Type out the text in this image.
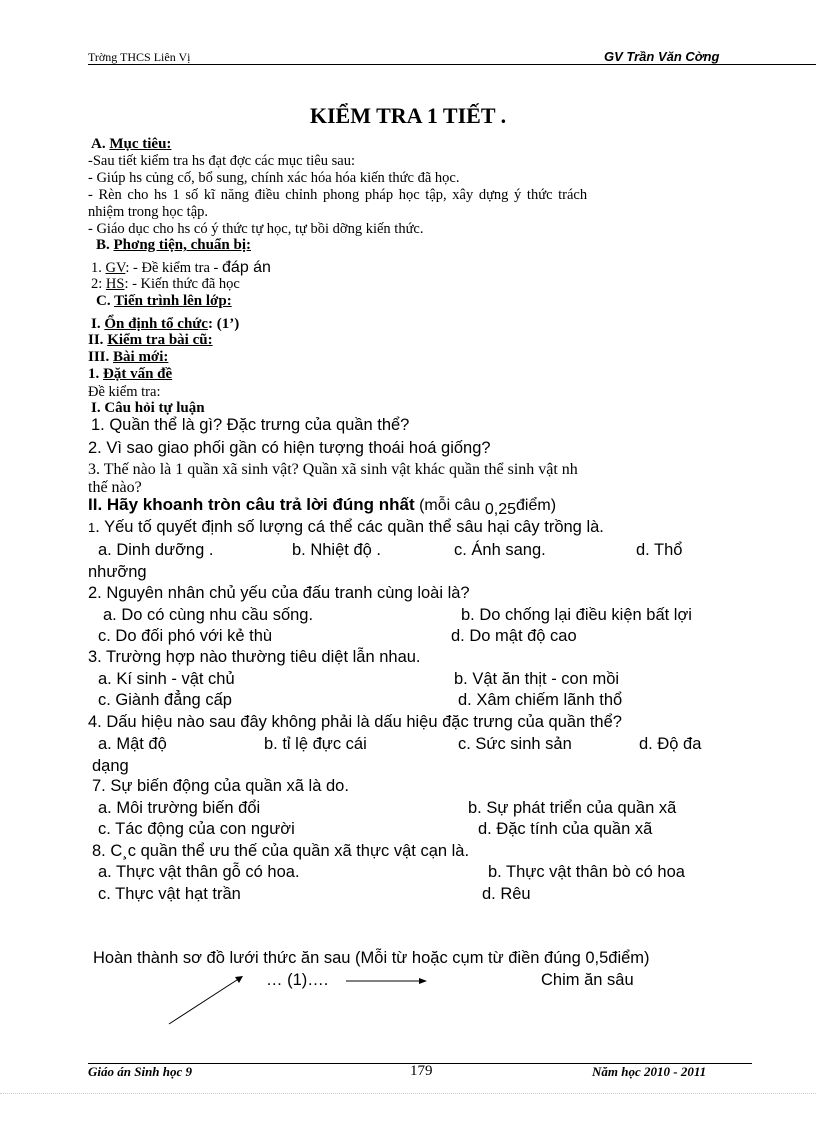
Trờng THCS Liên Vị	GV Trần Văn Cờng
KIỂM TRA 1 TIẾT .
A. Mục tiêu:
-Sau tiết kiểm tra hs đạt đợc các mục tiêu sau:
- Giúp hs củng cố, bổ sung, chính xác hóa hóa kiến thức đã học.
- Rèn cho hs 1 số kĩ năng điều chỉnh phong pháp học tập, xây dựng ý thức trách
nhiệm trong học tập.
- Giáo dục cho hs có ý thức tự học, tự bồi dỡng kiến thức.
B. Phơng tiện, chuẩn bị:
1. GV: - Đề kiểm tra - đáp án
2: HS: - Kiến thức đã học
C. Tiến trình lên lớp:
I. Ổn định tổ chức: (1’)
II. Kiểm tra bài cũ:
III. Bài mới:
1. Đặt vấn đề
Đề kiểm tra:
I. Câu hỏi tự luận
1. Quần thể là gì? Đặc trưng của quần thể?
2. Vì sao giao phối gần có hiện tượng thoái hoá giống?
3. Thế nào là 1 quần xã sinh vật? Quần xã sinh vật khác quần thể sinh vật nh
thế nào?
II. Hãy khoanh tròn câu trả lời đúng nhất (mỗi câu 0,25điểm)
1. Yếu tố quyết định số lượng cá thể các quần thể sâu hại cây trồng là.
a. Dinh dưỡng .	b. Nhiệt độ .	c. Ánh sang.	d. Thổ
nhưỡng
2. Nguyên nhân chủ yếu của đấu tranh cùng loài là?
a. Do có cùng nhu cầu sống.	b. Do chống lại điều kiện bất lợi
c. Do đối phó với kẻ thù	d. Do mật độ cao
3. Trường hợp nào thường tiêu diệt lẫn nhau.
a. Kí sinh - vật chủ	b. Vật ăn thịt - con mồi
c. Giành đẳng cấp	d. Xâm chiếm lãnh thổ
4. Dấu hiệu nào sau đây không phải là dấu hiệu đặc trưng của quần thể?
a. Mật độ	b. tỉ lệ đực cái	c. Sức sinh sản	d. Độ đa
dạng
7. Sự biến động của quần xã là do.
a. Môi trường biến đổi	b. Sự phát triển của quần xã
c. Tác động của con người	d. Đặc tính của quần xã
8. C¸c quần thể ưu thế của quần xã thực vật cạn là.
a. Thực vật thân gỗ có hoa.	b. Thực vật thân bò có hoa
c. Thực vật hạt trần	d. Rêu
Hoàn thành sơ đồ lưới thức ăn sau (Mỗi từ hoặc cụm từ điền đúng 0,5điểm)
… (1)….	Chim ăn sâu
Giáo án Sinh học 9	179	Năm học 2010 - 2011
